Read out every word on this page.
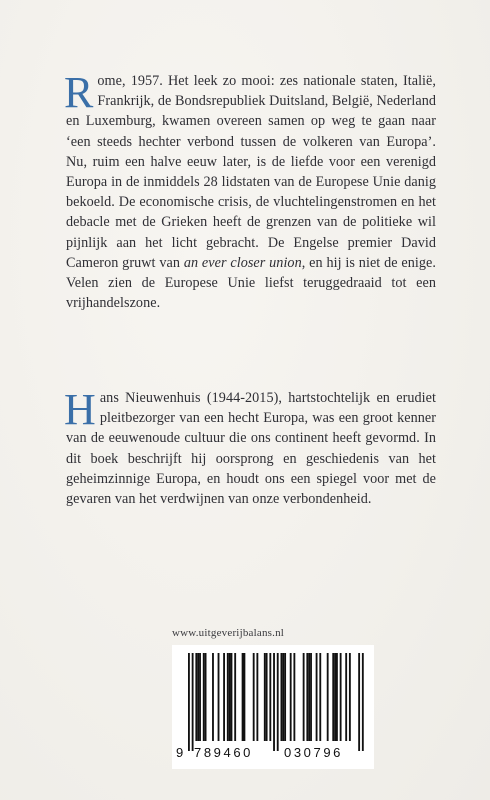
Rome, 1957. Het leek zo mooi: zes nationale staten, Italië, Frankrijk, de Bondsrepubliek Duitsland, België, Nederland en Luxemburg, kwamen overeen samen op weg te gaan naar ‘een steeds hechter verbond tussen de volkeren van Europa’. Nu, ruim een halve eeuw later, is de liefde voor een verenigd Europa in de inmiddels 28 lidstaten van de Europese Unie danig bekoeld. De economische crisis, de vluchtelingenstromen en het debacle met de Grieken heeft de grenzen van de politieke wil pijnlijk aan het licht gebracht. De Engelse premier David Cameron gruwt van an ever closer union, en hij is niet de enige. Velen zien de Europese Unie liefst teruggedraaid tot een vrijhandelszone.

Hans Nieuwenhuis (1944-2015), hartstochtelijk en erudiet pleitbezorger van een hecht Europa, was een groot kenner van de eeuwenoude cultuur die ons continent heeft gevormd. In dit boek beschrijft hij oorsprong en geschiedenis van het geheimzinnige Europa, en houdt ons een spiegel voor met de gevaren van het verdwijnen van onze verbondenheid.

www.uitgeverijbalans.nl
9 789460 030796
